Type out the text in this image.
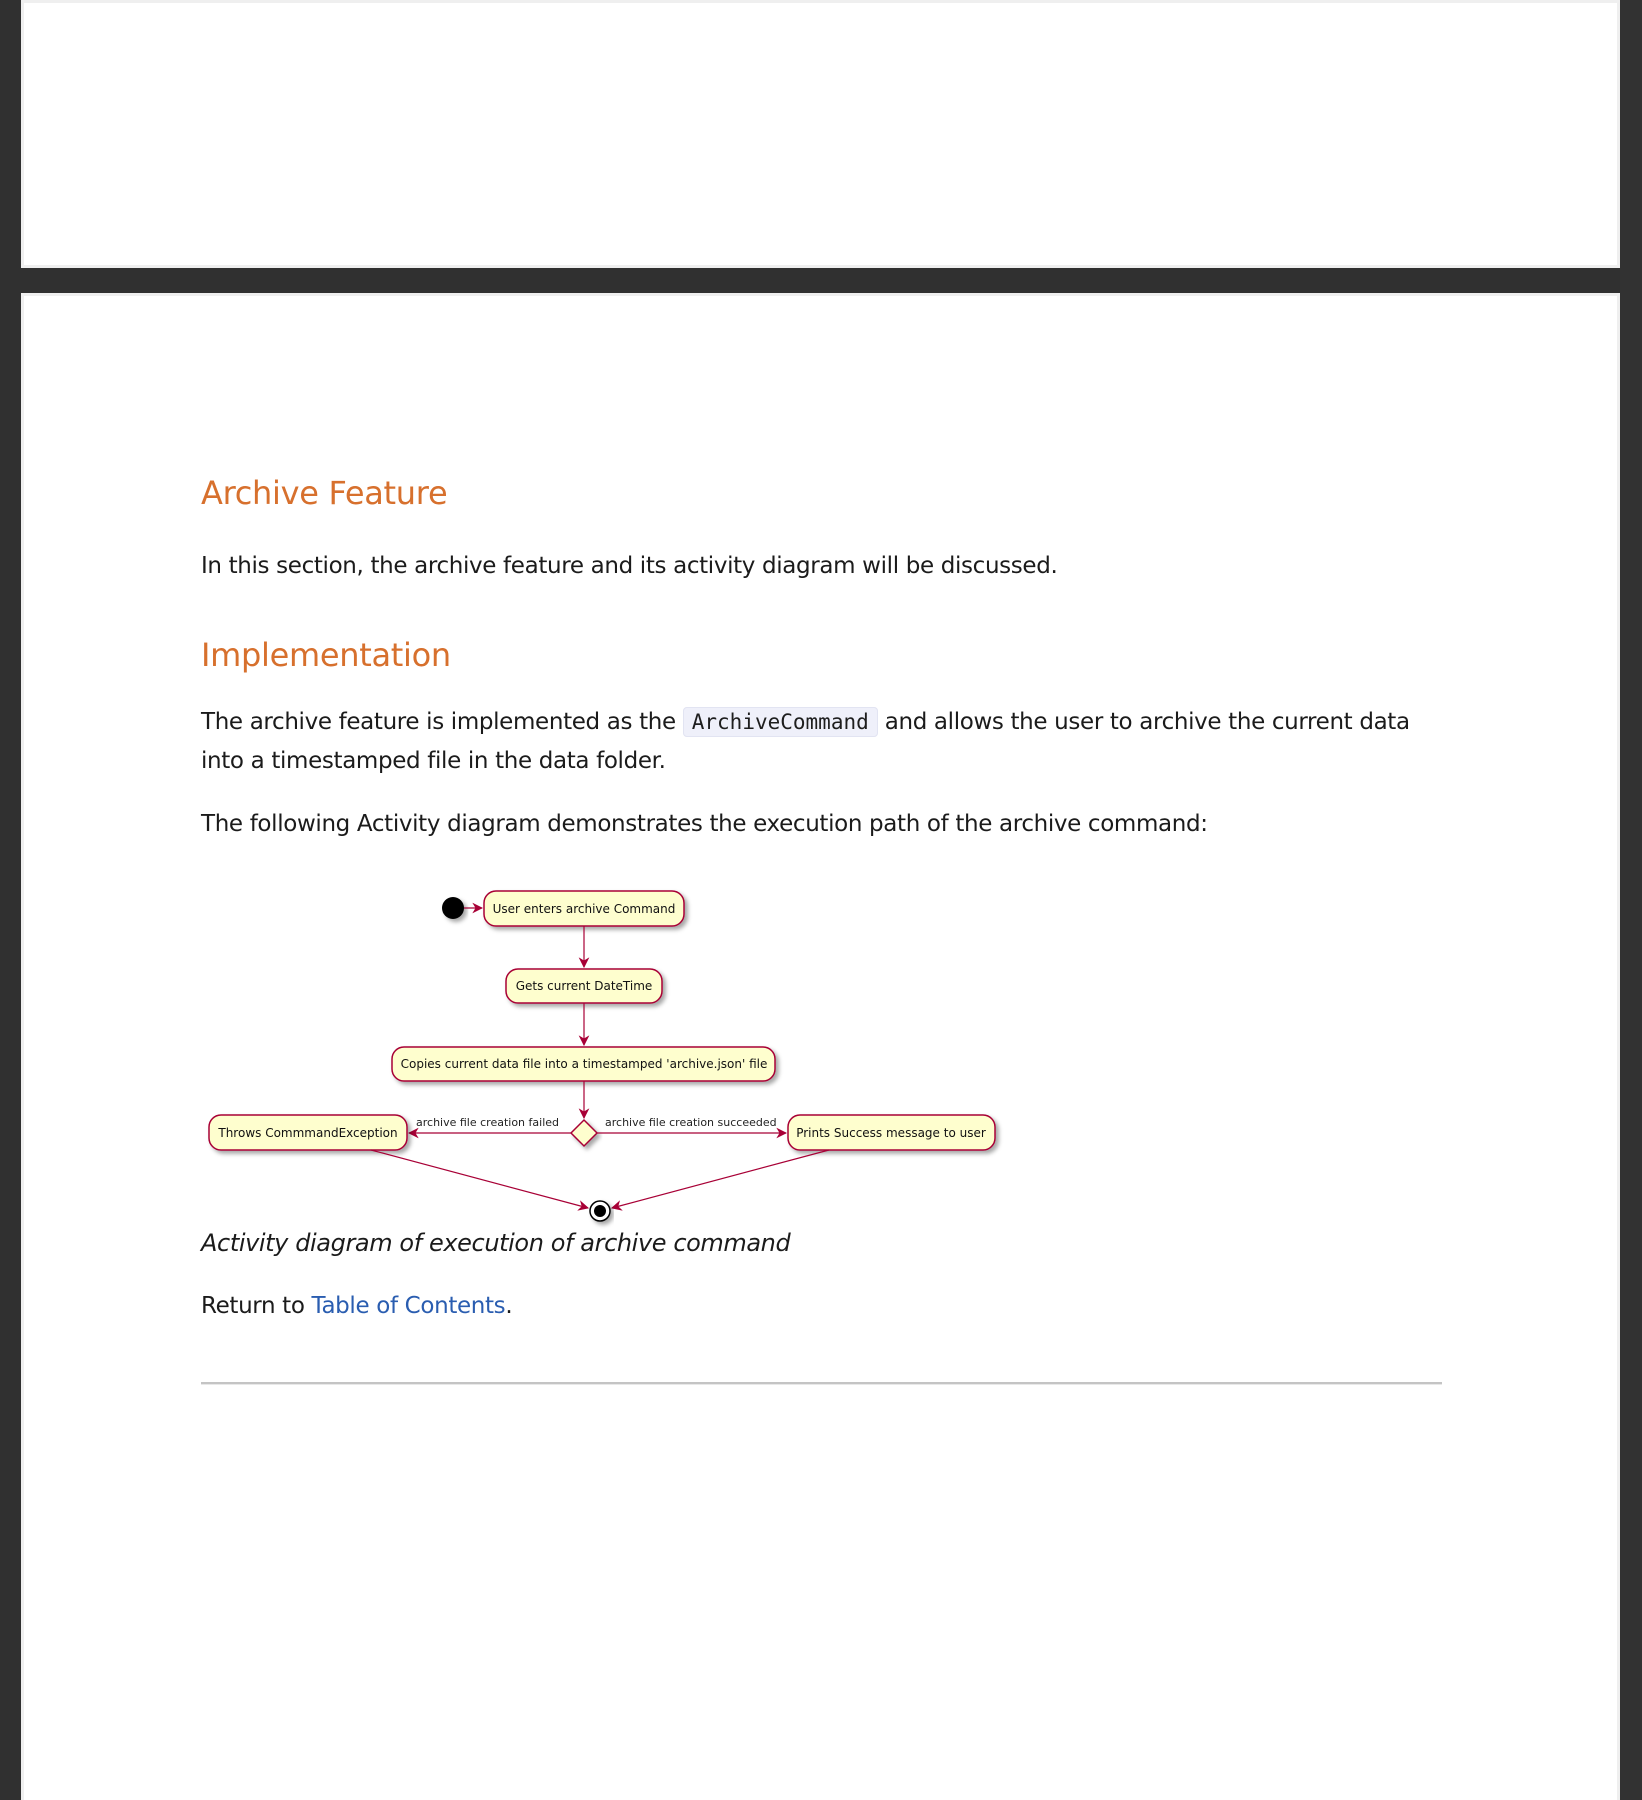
Archive Feature

In this section, the archive feature and its activity diagram will be discussed.

Implementation

The archive feature is implemented as the ArchiveCommand and allows the user to archive the current data into a timestamped file in the data folder.

The following Activity diagram demonstrates the execution path of the archive command:

User enters archive Command
Gets current DateTime
Copies current data file into a timestamped 'archive.json' file
archive file creation failed	archive file creation succeeded
Throws CommmandException	Prints Success message to user

Activity diagram of execution of archive command

Return to Table of Contents.
